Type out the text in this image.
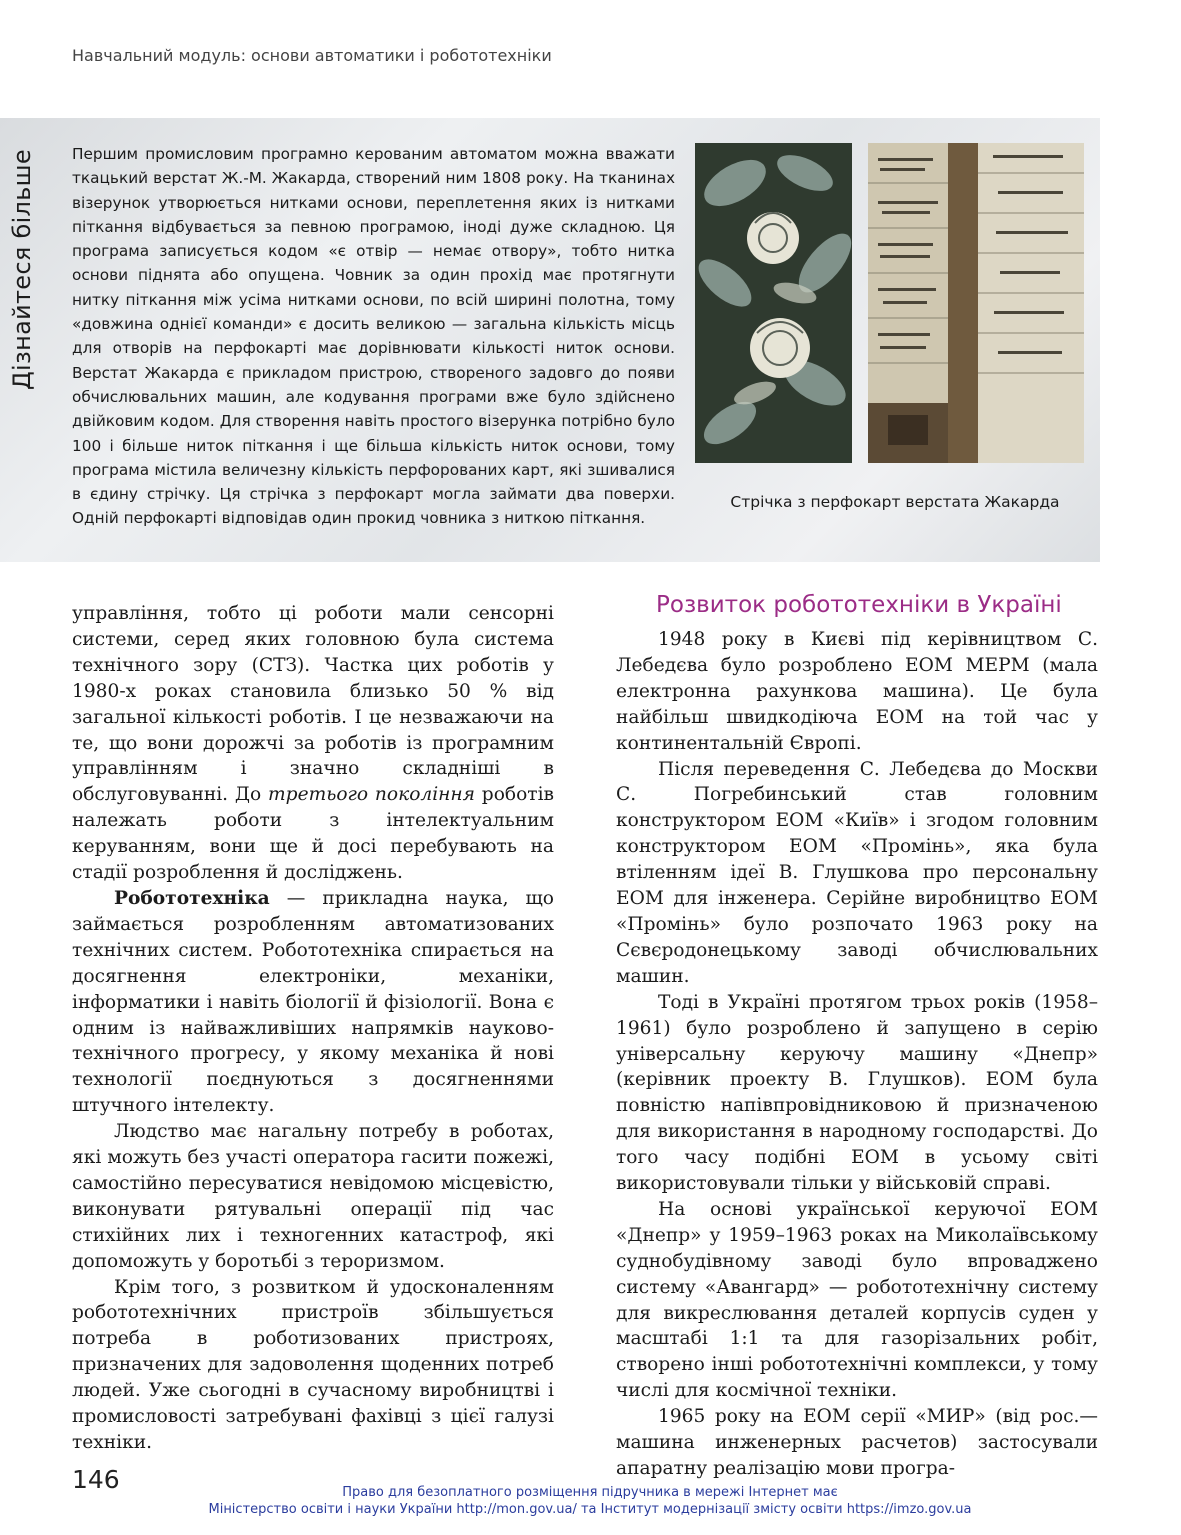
Навчальний модуль: основи автоматики і робототехніки
Дізнайтеся більше	Першим промисловим програмно керованим автоматом можна вважати ткацький верстат Ж.-М. Жакарда, створений ним 1808 року. На тканинах візерунок утворюється нитками основи, переплетення яких із нитками піткання відбувається за певною програмою, іноді дуже складною. Ця програма записується кодом «є отвір — немає отвору», тобто нитка основи піднята або опущена. Човник за один прохід має протягнути нитку піткання між усіма нитками основи, по всій ширині полотна, тому «довжина однієї команди» є досить великою — загальна кількість місць для отворів на перфокарті має дорівнювати кількості ниток основи. Верстат Жакарда є прикладом пристрою, створеного задовго до появи обчислювальних машин, але кодування програми вже було здійснено двійковим кодом. Для створення навіть простого візерунка потрібно було 100 і більше ниток піткання і ще більша кількість ниток основи, тому програма містила величезну кількість перфорованих карт, які зшивалися в єдину стрічку. Ця стрічка з перфокарт могла займати два поверхи. Одній перфокарті відповідав один прокид човника з ниткою піткання.
Стрічка з перфокарт верстата Жакарда

управління, тобто ці роботи мали сенсорні системи, серед яких головною була система технічного зору (СТЗ). Частка цих роботів у 1980-х роках становила близько 50 % від загальної кількості роботів. І це незважаючи на те, що вони дорожчі за роботів із програмним управлінням і значно складніші в обслуговуванні. До третього покоління роботів належать роботи з інтелектуальним керуванням, вони ще й досі перебувають на стадії розроблення й досліджень.

Робототехніка — прикладна наука, що займається розробленням автоматизованих технічних систем. Робототехніка спирається на досягнення електроніки, механіки, інформатики і навіть біології й фізіології. Вона є одним із найважливіших напрямків науково-технічного прогресу, у якому механіка й нові технології поєднуються з досягненнями штучного інтелекту.

Людство має нагальну потребу в роботах, які можуть без участі оператора гасити пожежі, самостійно пересуватися невідомою місцевістю, виконувати рятувальні операції під час стихійних лих і техногенних катастроф, які допоможуть у боротьбі з тероризмом.

Крім того, з розвитком й удосконаленням робототехнічних пристроїв збільшується потреба в роботизованих пристроях, призначених для задоволення щоденних потреб людей. Уже сьогодні в сучасному виробництві і промисловості затребувані фахівці з цієї галузі техніки.

Розвиток робототехніки в Україні

1948 року в Києві під керівництвом С. Лебедєва було розроблено ЕОМ МЕРМ (мала електронна рахункова машина). Це була найбільш швидкодіюча ЕОМ на той час у континентальній Європі.

Після переведення С. Лебедєва до Москви С. Погребинський став головним конструктором ЕОМ «Київ» і згодом головним конструктором ЕОМ «Промінь», яка була втіленням ідеї В. Глушкова про персональну ЕОМ для інженера. Серійне виробництво ЕОМ «Промінь» було розпочато 1963 року на Сєвєродонецькому заводі обчислювальних машин.

Тоді в Україні протягом трьох років (1958–1961) було розроблено й запущено в серію універсальну керуючу машину «Днепр» (керівник проекту В. Глушков). ЕОМ була повністю напівпровідниковою й призначеною для використання в народному господарстві. До того часу подібні ЕОМ в усьому світі використовували тільки у військовій справі.

На основі української керуючої ЕОМ «Днепр» у 1959–1963 роках на Миколаївському суднобудівному заводі було впроваджено систему «Авангард» — робототехнічну систему для викреслювання деталей корпусів суден у масштабі 1:1 та для газорізальних робіт, створено інші робототехнічні комплекси, у тому числі для космічної техніки.

1965 року на ЕОМ серії «МИР» (від рос.— машина инженерных расчетов) застосували апаратну реалізацію мови програ-

146	Право для безоплатного розміщення підручника в мережі Інтернет має
Міністерство освіти і науки України http://mon.gov.ua/ та Інститут модернізації змісту освіти https://imzo.gov.ua
